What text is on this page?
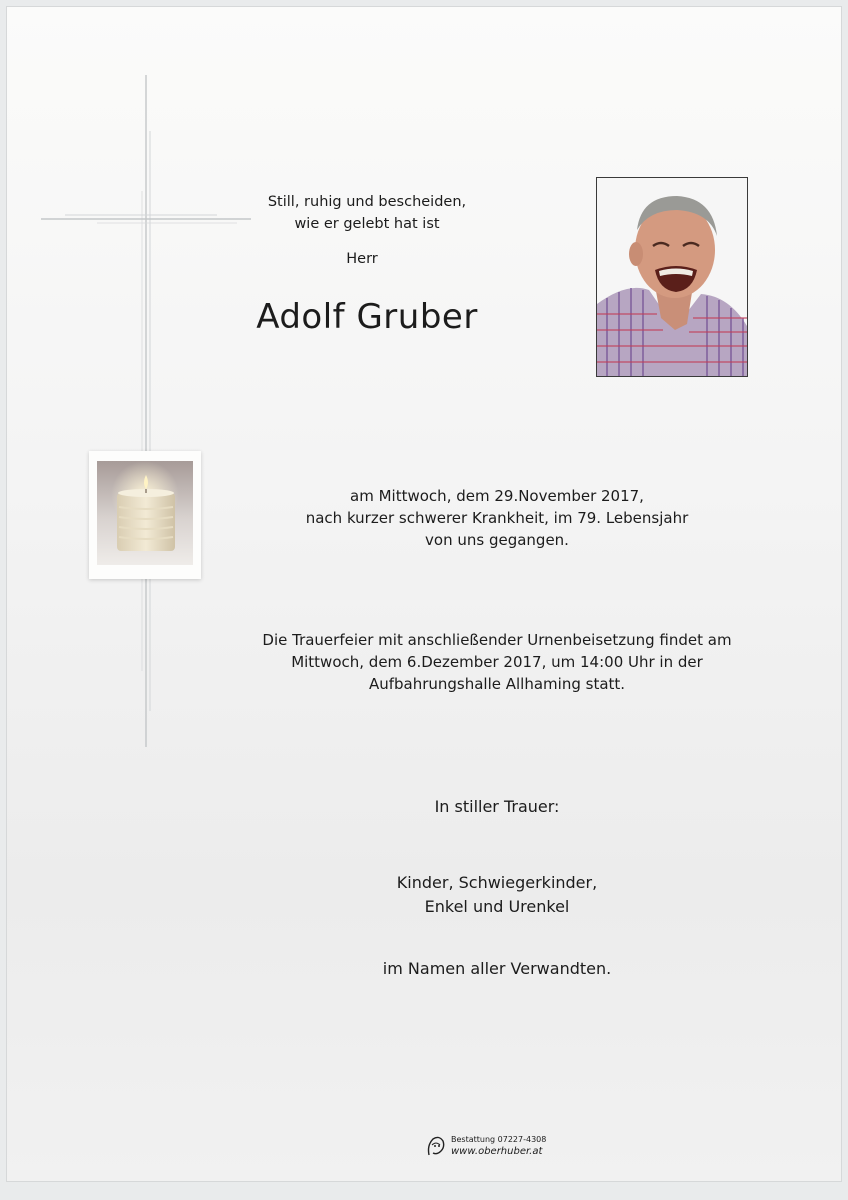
Still, ruhig und bescheiden,
wie er gelebt hat ist
Herr
Adolf Gruber
am Mittwoch, dem 29.November 2017,
nach kurzer schwerer Krankheit, im 79. Lebensjahr
von uns gegangen.
Die Trauerfeier mit anschließender Urnenbeisetzung findet am
Mittwoch, dem 6.Dezember 2017, um 14:00 Uhr in der
Aufbahrungshalle Allhaming statt.
In stiller Trauer:
Kinder, Schwiegerkinder,
Enkel und Urenkel
im Namen aller Verwandten.
Bestattung 07227-4308
www.oberhuber.at
